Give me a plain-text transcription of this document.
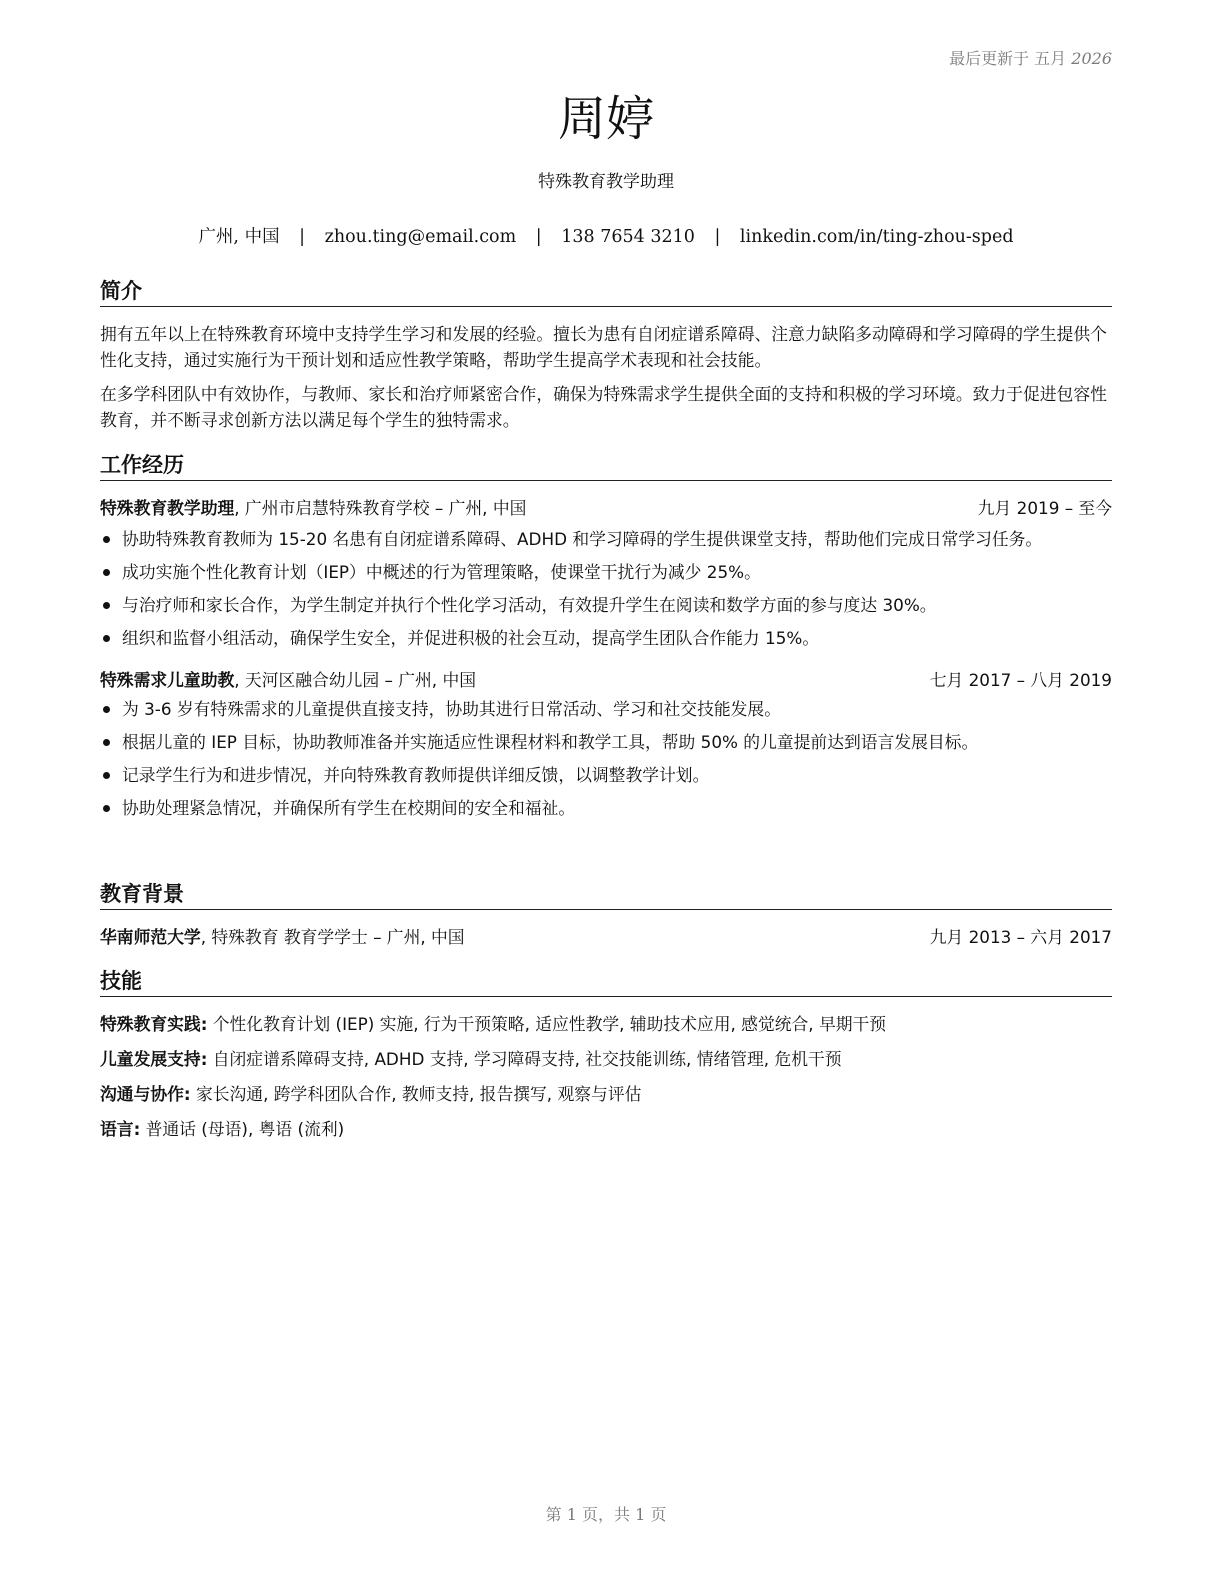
最后更新于 五月 2026
周婷
特殊教育教学助理
广州, 中国 | zhou.ting@email.com | 138 7654 3210 | linkedin.com/in/ting-zhou-sped
简介

拥有五年以上在特殊教育环境中支持学生学习和发展的经验。擅长为患有自闭症谱系障碍、注意力缺陷多动障碍和学习障碍的学生提供个性化支持，通过实施行为干预计划和适应性教学策略，帮助学生提高学术表现和社会技能。

在多学科团队中有效协作，与教师、家长和治疗师紧密合作，确保为特殊需求学生提供全面的支持和积极的学习环境。致力于促进包容性教育，并不断寻求创新方法以满足每个学生的独特需求。

工作经历
特殊教育教学助理, 广州市启慧特殊教育学校 – 广州, 中国	九月 2019 – 至今
协助特殊教育教师为 15-20 名患有自闭症谱系障碍、ADHD 和学习障碍的学生提供课堂支持，帮助他们完成日常学习任务。
成功实施个性化教育计划（IEP）中概述的行为管理策略，使课堂干扰行为减少 25%。
与治疗师和家长合作，为学生制定并执行个性化学习活动，有效提升学生在阅读和数学方面的参与度达 30%。
组织和监督小组活动，确保学生安全，并促进积极的社会互动，提高学生团队合作能力 15%。
特殊需求儿童助教, 天河区融合幼儿园 – 广州, 中国	七月 2017 – 八月 2019
为 3-6 岁有特殊需求的儿童提供直接支持，协助其进行日常活动、学习和社交技能发展。
根据儿童的 IEP 目标，协助教师准备并实施适应性课程材料和教学工具，帮助 50% 的儿童提前达到语言发展目标。
记录学生行为和进步情况，并向特殊教育教师提供详细反馈，以调整教学计划。
协助处理紧急情况，并确保所有学生在校期间的安全和福祉。
教育背景
华南师范大学, 特殊教育 教育学学士 – 广州, 中国	九月 2013 – 六月 2017
技能
特殊教育实践: 个性化教育计划 (IEP) 实施, 行为干预策略, 适应性教学, 辅助技术应用, 感觉统合, 早期干预
儿童发展支持: 自闭症谱系障碍支持, ADHD 支持, 学习障碍支持, 社交技能训练, 情绪管理, 危机干预
沟通与协作: 家长沟通, 跨学科团队合作, 教师支持, 报告撰写, 观察与评估
语言: 普通话 (母语), 粤语 (流利)
第 1 页，共 1 页
